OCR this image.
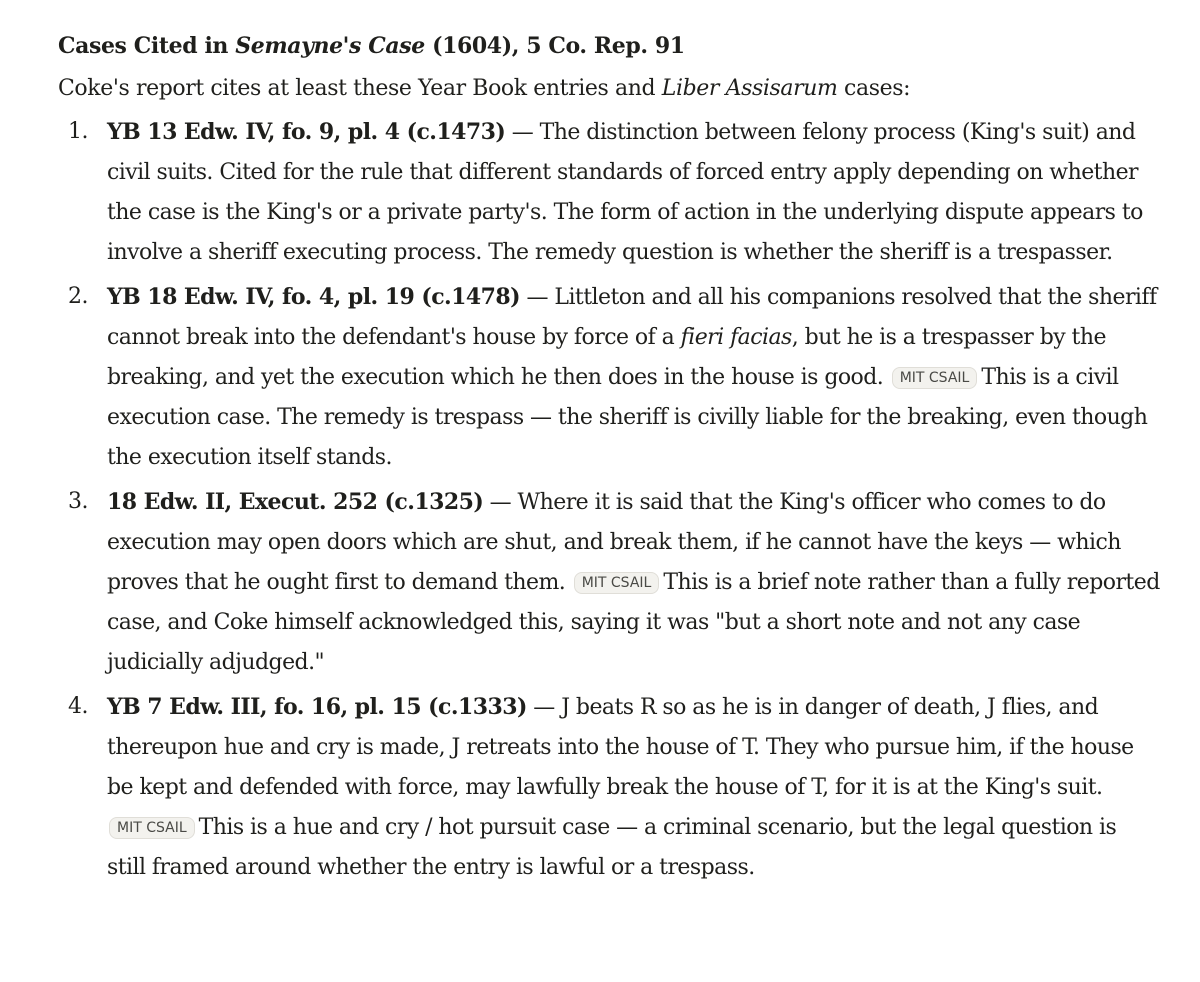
Cases Cited in Semayne's Case (1604), 5 Co. Rep. 91

Coke's report cites at least these Year Book entries and Liber Assisarum cases:

1. YB 13 Edw. IV, fo. 9, pl. 4 (c.1473) — The distinction between felony process (King's suit) and civil suits. Cited for the rule that different standards of forced entry apply depending on whether the case is the King's or a private party's. The form of action in the underlying dispute appears to involve a sheriff executing process. The remedy question is whether the sheriff is a trespasser.
2. YB 18 Edw. IV, fo. 4, pl. 19 (c.1478) — Littleton and all his companions resolved that the sheriff cannot break into the defendant's house by force of a fieri facias, but he is a trespasser by the breaking, and yet the execution which he then does in the house is good. MIT CSAIL This is a civil execution case. The remedy is trespass — the sheriff is civilly liable for the breaking, even though the execution itself stands.
3. 18 Edw. II, Execut. 252 (c.1325) — Where it is said that the King's officer who comes to do execution may open doors which are shut, and break them, if he cannot have the keys — which proves that he ought first to demand them. MIT CSAIL This is a brief note rather than a fully reported case, and Coke himself acknowledged this, saying it was "but a short note and not any case judicially adjudged."
4. YB 7 Edw. III, fo. 16, pl. 15 (c.1333) — J beats R so as he is in danger of death, J flies, and thereupon hue and cry is made, J retreats into the house of T. They who pursue him, if the house be kept and defended with force, may lawfully break the house of T, for it is at the King's suit. MIT CSAIL This is a hue and cry / hot pursuit case — a criminal scenario, but the legal question is still framed around whether the entry is lawful or a trespass.
